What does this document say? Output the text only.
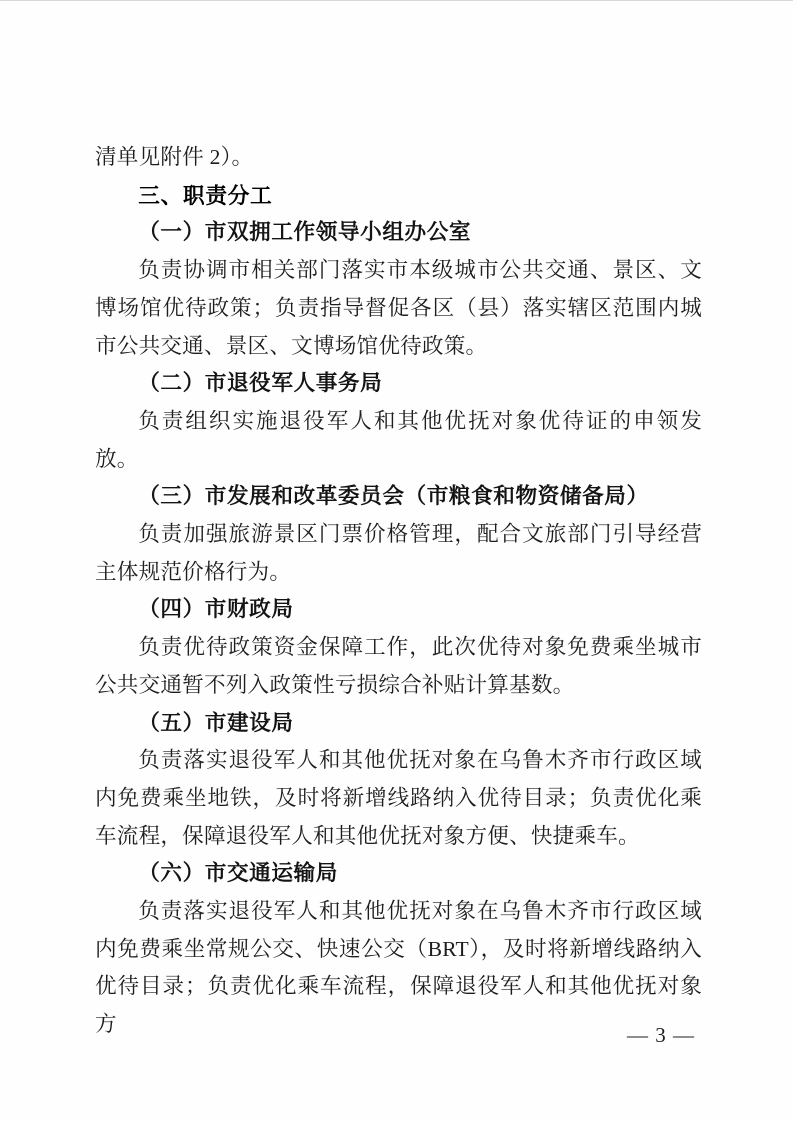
清单见附件 2）。

三、职责分工

（一）市双拥工作领导小组办公室

负责协调市相关部门落实市本级城市公共交通、景区、文博场馆优待政策；负责指导督促各区（县）落实辖区范围内城市公共交通、景区、文博场馆优待政策。

（二）市退役军人事务局

负责组织实施退役军人和其他优抚对象优待证的申领发放。

（三）市发展和改革委员会（市粮食和物资储备局）

负责加强旅游景区门票价格管理，配合文旅部门引导经营主体规范价格行为。

（四）市财政局

负责优待政策资金保障工作，此次优待对象免费乘坐城市公共交通暂不列入政策性亏损综合补贴计算基数。

（五）市建设局

负责落实退役军人和其他优抚对象在乌鲁木齐市行政区域内免费乘坐地铁，及时将新增线路纳入优待目录；负责优化乘车流程，保障退役军人和其他优抚对象方便、快捷乘车。

（六）市交通运输局

负责落实退役军人和其他优抚对象在乌鲁木齐市行政区域内免费乘坐常规公交、快速公交（BRT），及时将新增线路纳入优待目录；负责优化乘车流程，保障退役军人和其他优抚对象方	— 3 —
